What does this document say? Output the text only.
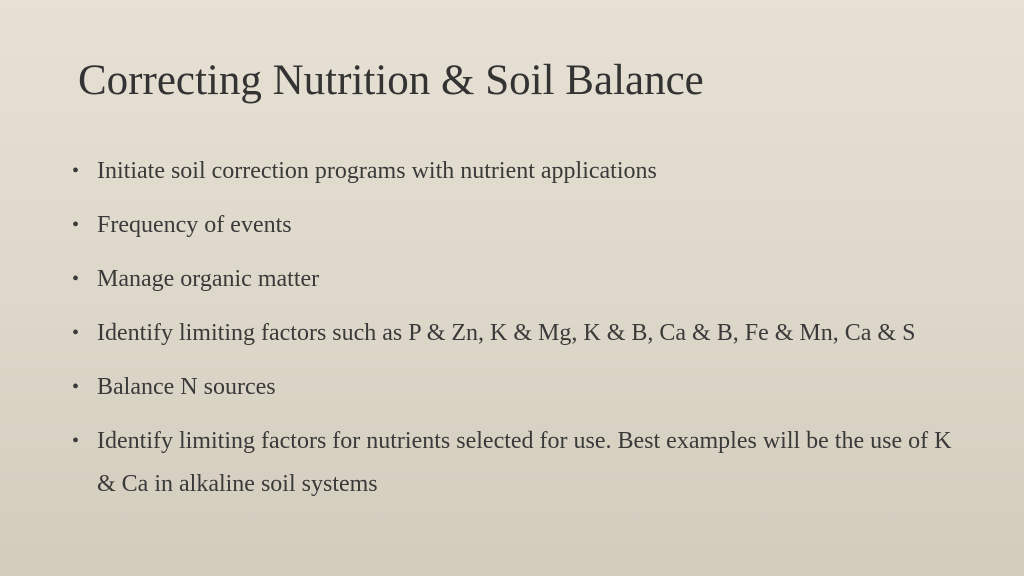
Correcting Nutrition & Soil Balance
• Initiate soil correction programs with nutrient applications
• Frequency of events
• Manage organic matter
• Identify limiting factors such as P & Zn, K & Mg, K & B, Ca & B, Fe & Mn, Ca & S
• Balance N sources
• Identify limiting factors for nutrients selected for use. Best examples will be the use of K & Ca in alkaline soil systems
